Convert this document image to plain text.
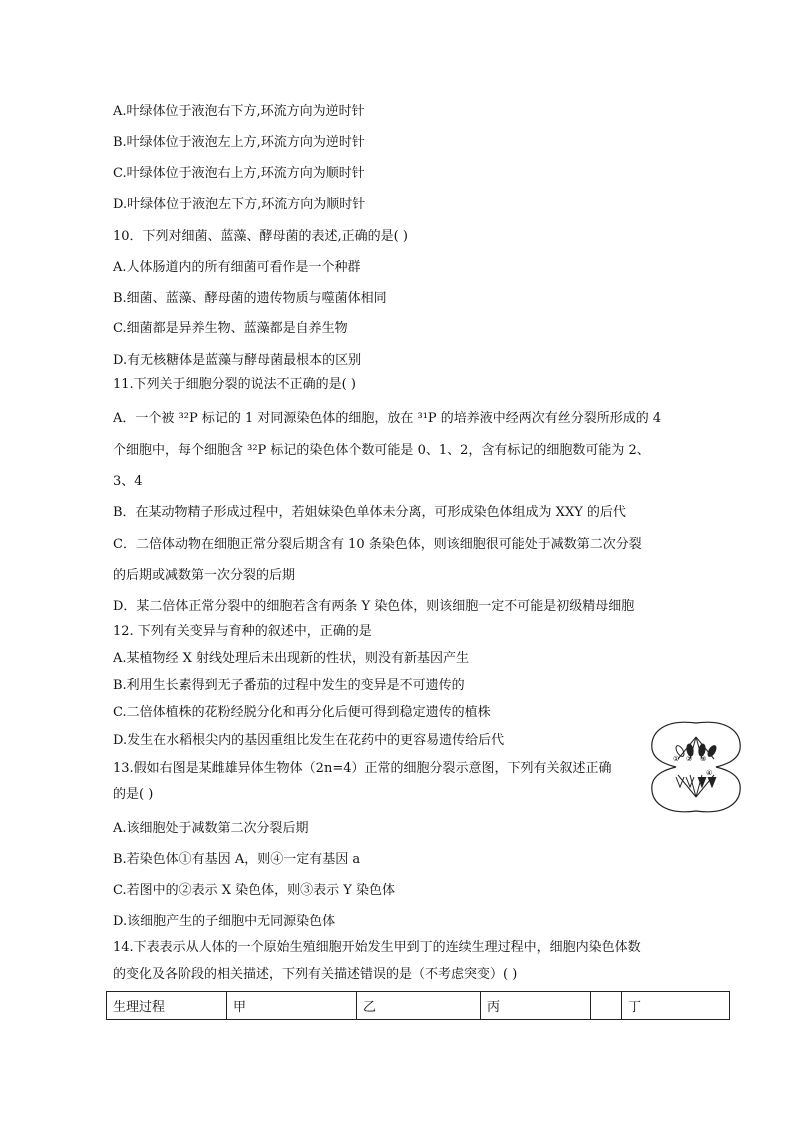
A.叶绿体位于液泡右下方,环流方向为逆时针
B.叶绿体位于液泡左上方,环流方向为逆时针
C.叶绿体位于液泡右上方,环流方向为顺时针
D.叶绿体位于液泡左下方,环流方向为顺时针
10．下列对细菌、蓝藻、酵母菌的表述,正确的是( )
A.人体肠道内的所有细菌可看作是一个种群
B.细菌、蓝藻、酵母菌的遗传物质与噬菌体相同
C.细菌都是异养生物、蓝藻都是自养生物
D.有无核糖体是蓝藻与酵母菌最根本的区别
11.下列关于细胞分裂的说法不正确的是( )
A．一个被 ³²P 标记的 1 对同源染色体的细胞，放在 ³¹P 的培养液中经两次有丝分裂所形成的 4
个细胞中，每个细胞含 ³²P 标记的染色体个数可能是 0、1、2，含有标记的细胞数可能为 2、
3、4
B．在某动物精子形成过程中，若姐妹染色单体未分离，可形成染色体组成为 XXY 的后代
C．二倍体动物在细胞正常分裂后期含有 10 条染色体，则该细胞很可能处于减数第二次分裂
的后期或减数第一次分裂的后期
D．某二倍体正常分裂中的细胞若含有两条 Y 染色体，则该细胞一定不可能是初级精母细胞
12. 下列有关变异与育种的叙述中，正确的是
A.某植物经 X 射线处理后未出现新的性状，则没有新基因产生
B.利用生长素得到无子番茄的过程中发生的变异是不可遗传的
C.二倍体植株的花粉经脱分化和再分化后便可得到稳定遗传的植株
D.发生在水稻根尖内的基因重组比发生在花药中的更容易遗传给后代
13.假如右图是某雌雄异体生物体（2n=4）正常的细胞分裂示意图，下列有关叙述正确
的是( )
A.该细胞处于减数第二次分裂后期
B.若染色体①有基因 A，则④一定有基因 a
C.若图中的②表示 X 染色体，则③表示 Y 染色体
D.该细胞产生的子细胞中无同源染色体
14.下表表示从人体的一个原始生殖细胞开始发生甲到丁的连续生理过程中，细胞内染色体数
的变化及各阶段的相关描述，下列有关描述错误的是（不考虑突变）( )
① ② ③
④
生理过程	甲	乙	丙		丁
